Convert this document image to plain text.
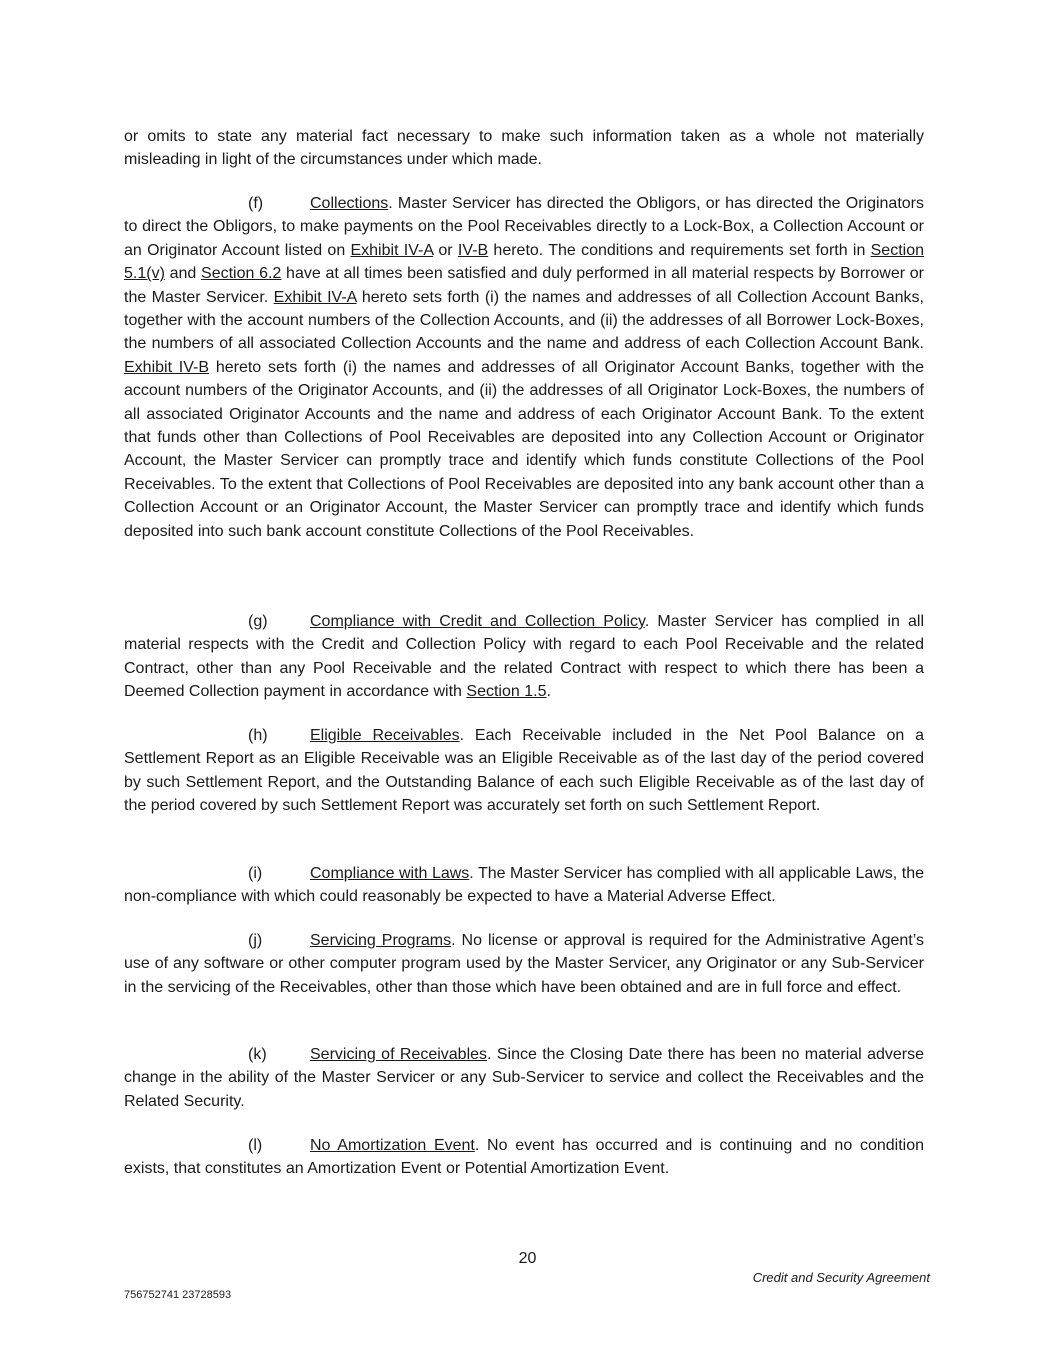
or omits to state any material fact necessary to make such information taken as a whole not materially misleading in light of the circumstances under which made.

(f)	Collections. Master Servicer has directed the Obligors, or has directed the Originators to direct the Obligors, to make payments on the Pool Receivables directly to a Lock-Box, a Collection Account or an Originator Account listed on Exhibit IV-A or IV-B hereto. The conditions and requirements set forth in Section 5.1(v) and Section 6.2 have at all times been satisfied and duly performed in all material respects by Borrower or the Master Servicer. Exhibit IV-A hereto sets forth (i) the names and addresses of all Collection Account Banks, together with the account numbers of the Collection Accounts, and (ii) the addresses of all Borrower Lock-Boxes, the numbers of all associated Collection Accounts and the name and address of each Collection Account Bank. Exhibit IV-B hereto sets forth (i) the names and addresses of all Originator Account Banks, together with the account numbers of the Originator Accounts, and (ii) the addresses of all Originator Lock-Boxes, the numbers of all associated Originator Accounts and the name and address of each Originator Account Bank. To the extent that funds other than Collections of Pool Receivables are deposited into any Collection Account or Originator Account, the Master Servicer can promptly trace and identify which funds constitute Collections of the Pool Receivables. To the extent that Collections of Pool Receivables are deposited into any bank account other than a Collection Account or an Originator Account, the Master Servicer can promptly trace and identify which funds deposited into such bank account constitute Collections of the Pool Receivables.

(g)	Compliance with Credit and Collection Policy. Master Servicer has complied in all material respects with the Credit and Collection Policy with regard to each Pool Receivable and the related Contract, other than any Pool Receivable and the related Contract with respect to which there has been a Deemed Collection payment in accordance with Section 1.5.

(h)	Eligible Receivables. Each Receivable included in the Net Pool Balance on a Settlement Report as an Eligible Receivable was an Eligible Receivable as of the last day of the period covered by such Settlement Report, and the Outstanding Balance of each such Eligible Receivable as of the last day of the period covered by such Settlement Report was accurately set forth on such Settlement Report.

(i)	Compliance with Laws. The Master Servicer has complied with all applicable Laws, the non-compliance with which could reasonably be expected to have a Material Adverse Effect.

(j)	Servicing Programs. No license or approval is required for the Administrative Agent’s use of any software or other computer program used by the Master Servicer, any Originator or any Sub-Servicer in the servicing of the Receivables, other than those which have been obtained and are in full force and effect.

(k)	Servicing of Receivables. Since the Closing Date there has been no material adverse change in the ability of the Master Servicer or any Sub-Servicer to service and collect the Receivables and the Related Security.

(l)	No Amortization Event. No event has occurred and is continuing and no condition exists, that constitutes an Amortization Event or Potential Amortization Event.

20
Credit and Security Agreement
756752741 23728593
